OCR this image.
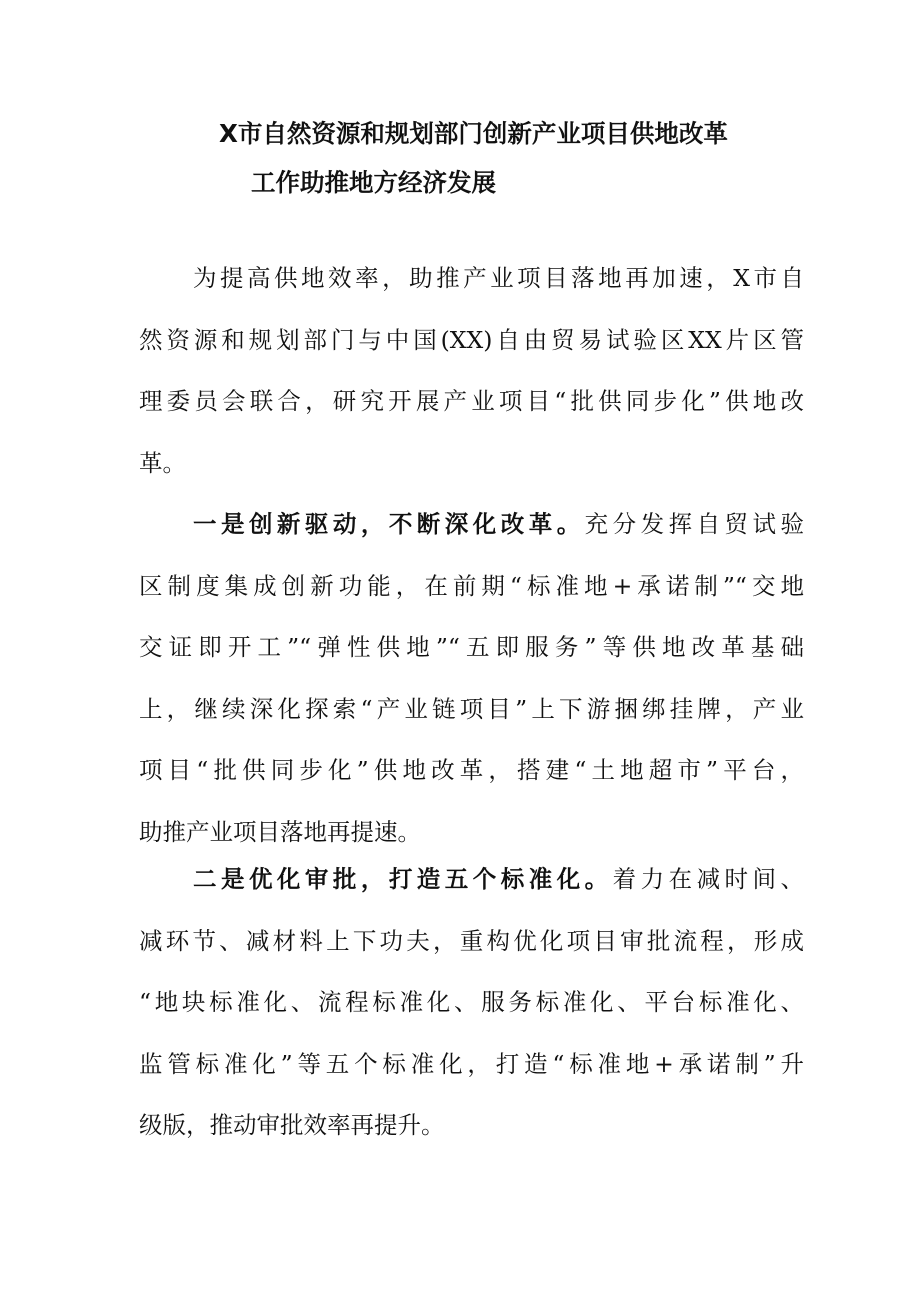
X市自然资源和规划部门创新产业项目供地改革
工作助推地方经济发展
为提高供地效率，助推产业项目落地再加速，X市自
然资源和规划部门与中国(XX)自由贸易试验区XX片区管
理委员会联合，研究开展产业项目“批供同步化”供地改
革。
一是创新驱动，不断深化改革。充分发挥自贸试验
区制度集成创新功能，在前期“标准地+承诺制”“交地
交证即开工”“弹性供地”“五即服务”等供地改革基础
上，继续深化探索“产业链项目”上下游捆绑挂牌，产业
项目“批供同步化”供地改革，搭建“土地超市”平台，
助推产业项目落地再提速。
二是优化审批，打造五个标准化。着力在减时间、
减环节、减材料上下功夫，重构优化项目审批流程，形成
“地块标准化、流程标准化、服务标准化、平台标准化、
监管标准化”等五个标准化，打造“标准地+承诺制”升
级版，推动审批效率再提升。
